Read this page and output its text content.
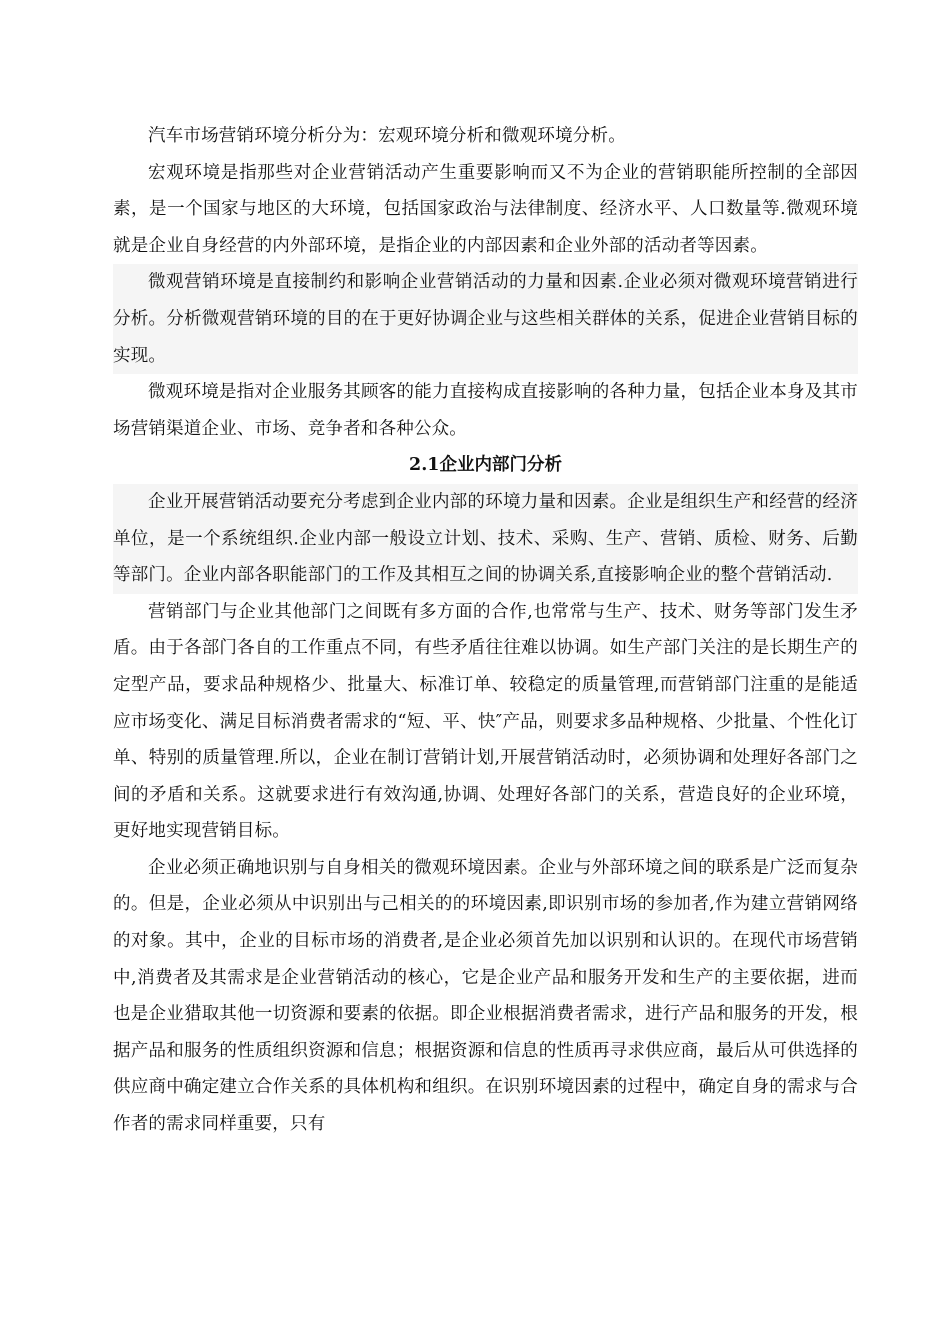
汽车市场营销环境分析分为：宏观环境分析和微观环境分析。

宏观环境是指那些对企业营销活动产生重要影响而又不为企业的营销职能所控制的全部因素，是一个国家与地区的大环境，包括国家政治与法律制度、经济水平、人口数量等.微观环境就是企业自身经营的内外部环境，是指企业的内部因素和企业外部的活动者等因素。

微观营销环境是直接制约和影响企业营销活动的力量和因素.企业必须对微观环境营销进行分析。分析微观营销环境的目的在于更好协调企业与这些相关群体的关系，促进企业营销目标的实现。

微观环境是指对企业服务其顾客的能力直接构成直接影响的各种力量，包括企业本身及其市场营销渠道企业、市场、竞争者和各种公众。

2.1企业内部门分析

企业开展营销活动要充分考虑到企业内部的环境力量和因素。企业是组织生产和经营的经济单位，是一个系统组织.企业内部一般设立计划、技术、采购、生产、营销、质检、财务、后勤等部门。企业内部各职能部门的工作及其相互之间的协调关系,直接影响企业的整个营销活动.

营销部门与企业其他部门之间既有多方面的合作,也常常与生产、技术、财务等部门发生矛盾。由于各部门各自的工作重点不同，有些矛盾往往难以协调。如生产部门关注的是长期生产的定型产品，要求品种规格少、批量大、标准订单、较稳定的质量管理,而营销部门注重的是能适应市场变化、满足目标消费者需求的“短、平、快″产品，则要求多品种规格、少批量、个性化订单、特别的质量管理.所以，企业在制订营销计划,开展营销活动时，必须协调和处理好各部门之间的矛盾和关系。这就要求进行有效沟通,协调、处理好各部门的关系，营造良好的企业环境，更好地实现营销目标。

企业必须正确地识别与自身相关的微观环境因素。企业与外部环境之间的联系是广泛而复杂的。但是，企业必须从中识别出与己相关的的环境因素,即识别市场的参加者,作为建立营销网络的对象。其中，企业的目标市场的消费者,是企业必须首先加以识别和认识的。在现代市场营销中,消费者及其需求是企业营销活动的核心，它是企业产品和服务开发和生产的主要依据，进而也是企业猎取其他一切资源和要素的依据。即企业根据消费者需求，进行产品和服务的开发，根据产品和服务的性质组织资源和信息；根据资源和信息的性质再寻求供应商，最后从可供选择的供应商中确定建立合作关系的具体机构和组织。在识别环境因素的过程中，确定自身的需求与合作者的需求同样重要，只有
